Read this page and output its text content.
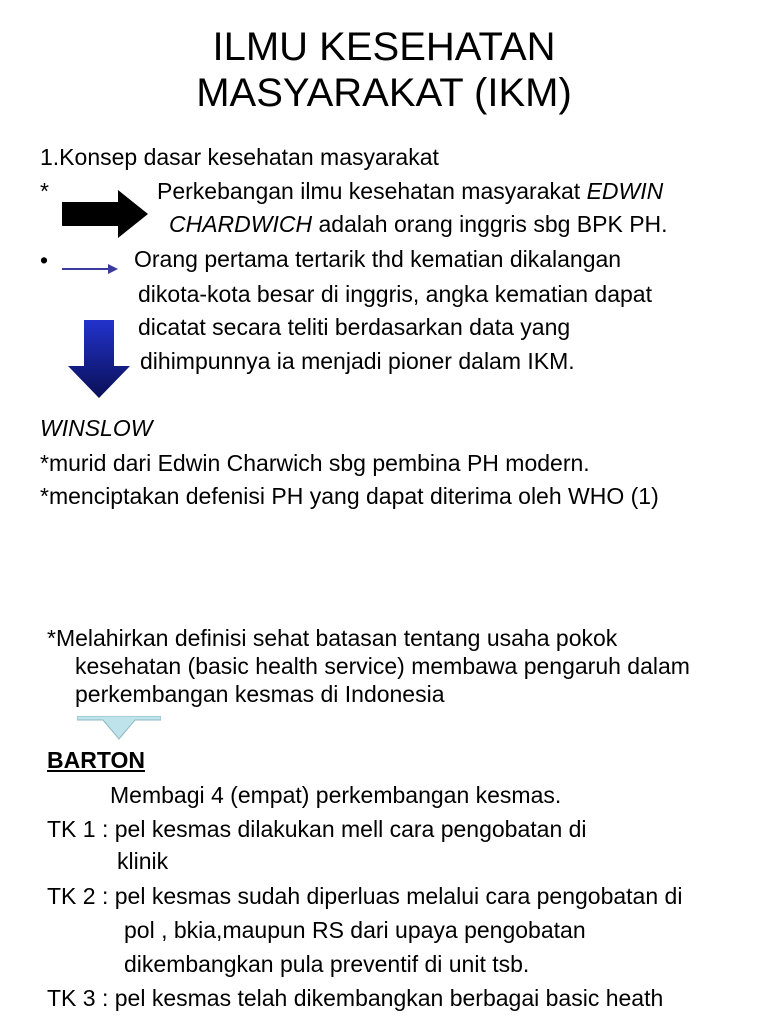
ILMU KESEHATAN
MASYARAKAT (IKM)
1.Konsep dasar kesehatan masyarakat
*	Perkebangan ilmu kesehatan masyarakat EDWIN
CHARDWICH adalah orang inggris sbg BPK PH.
•	Orang pertama tertarik thd kematian dikalangan
dikota-kota besar di inggris, angka kematian dapat
dicatat secara teliti berdasarkan data yang
dihimpunnya ia menjadi pioner dalam IKM.
WINSLOW
*murid dari Edwin Charwich sbg pembina PH modern.
*menciptakan defenisi PH yang dapat diterima oleh WHO (1)
*Melahirkan definisi sehat batasan tentang usaha pokok
kesehatan (basic health service) membawa pengaruh dalam
perkembangan kesmas di Indonesia
BARTON
Membagi 4 (empat) perkembangan kesmas.
TK 1 : pel kesmas dilakukan mell cara pengobatan di
klinik
TK 2 : pel kesmas sudah diperluas melalui cara pengobatan di
pol , bkia,maupun RS dari upaya pengobatan
dikembangkan pula preventif di unit tsb.
TK 3 : pel kesmas telah dikembangkan berbagai basic heath
